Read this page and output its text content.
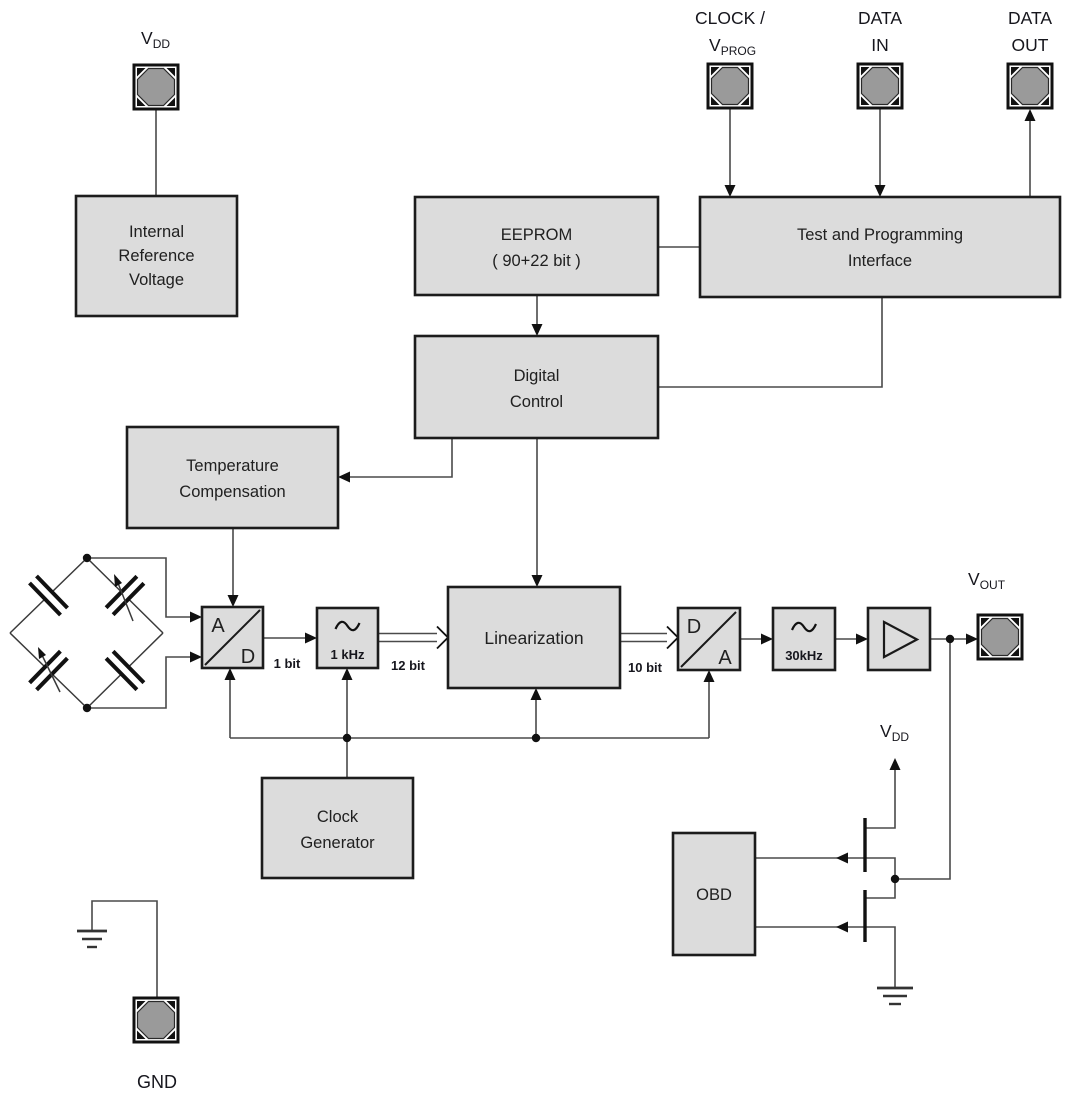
Internal
Reference
Voltage
EEPROM
( 90+22 bit )
Test and Programming
Interface
Digital
Control
Temperature
Compensation
Linearization
Clock
Generator
OBD
A
D
D
A
1 kHz	30kHz
1 bit	12 bit	10 bit
$V_{DD}$
CLOCK /
$V_{PROG}$
DATA
IN
DATA
OUT
$V_{OUT}$
$V_{DD}$
GND
